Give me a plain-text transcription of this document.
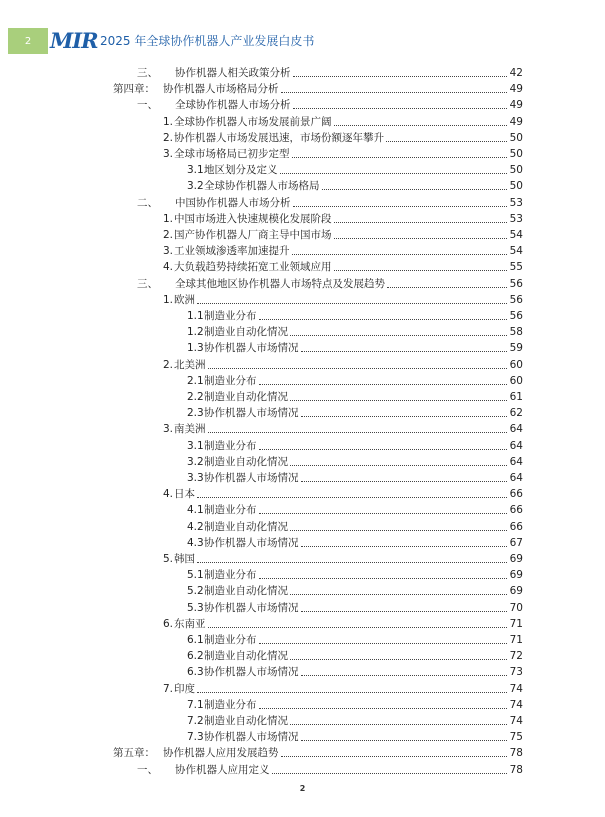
2 MIR 2025 年全球协作机器人产业发展白皮书
三、	协作机器人相关政策分析	42
第四章： 协作机器人市场格局分析	49
一、	全球协作机器人市场分析	49
1. 全球协作机器人市场发展前景广阔	49
2. 协作机器人市场发展迅速，市场份额逐年攀升	50
3. 全球市场格局已初步定型	50
3.1 地区划分及定义	50
3.2 全球协作机器人市场格局	50
二、	中国协作机器人市场分析	53
1. 中国市场进入快速规模化发展阶段	53
2. 国产协作机器人厂商主导中国市场	54
3. 工业领域渗透率加速提升	54
4. 大负载趋势持续拓宽工业领域应用	55
三、	全球其他地区协作机器人市场特点及发展趋势	56
1. 欧洲	56
1.1 制造业分布	56
1.2 制造业自动化情况	58
1.3 协作机器人市场情况	59
2. 北美洲	60
2.1 制造业分布	60
2.2 制造业自动化情况	61
2.3 协作机器人市场情况	62
3. 南美洲	64
3.1 制造业分布	64
3.2 制造业自动化情况	64
3.3 协作机器人市场情况	64
4. 日本	66
4.1 制造业分布	66
4.2 制造业自动化情况	66
4.3 协作机器人市场情况	67
5. 韩国	69
5.1 制造业分布	69
5.2 制造业自动化情况	69
5.3 协作机器人市场情况	70
6. 东南亚	71
6.1 制造业分布	71
6.2 制造业自动化情况	72
6.3 协作机器人市场情况	73
7. 印度	74
7.1 制造业分布	74
7.2 制造业自动化情况	74
7.3 协作机器人市场情况	75
第五章： 协作机器人应用发展趋势	78
一、	协作机器人应用定义	78
2
